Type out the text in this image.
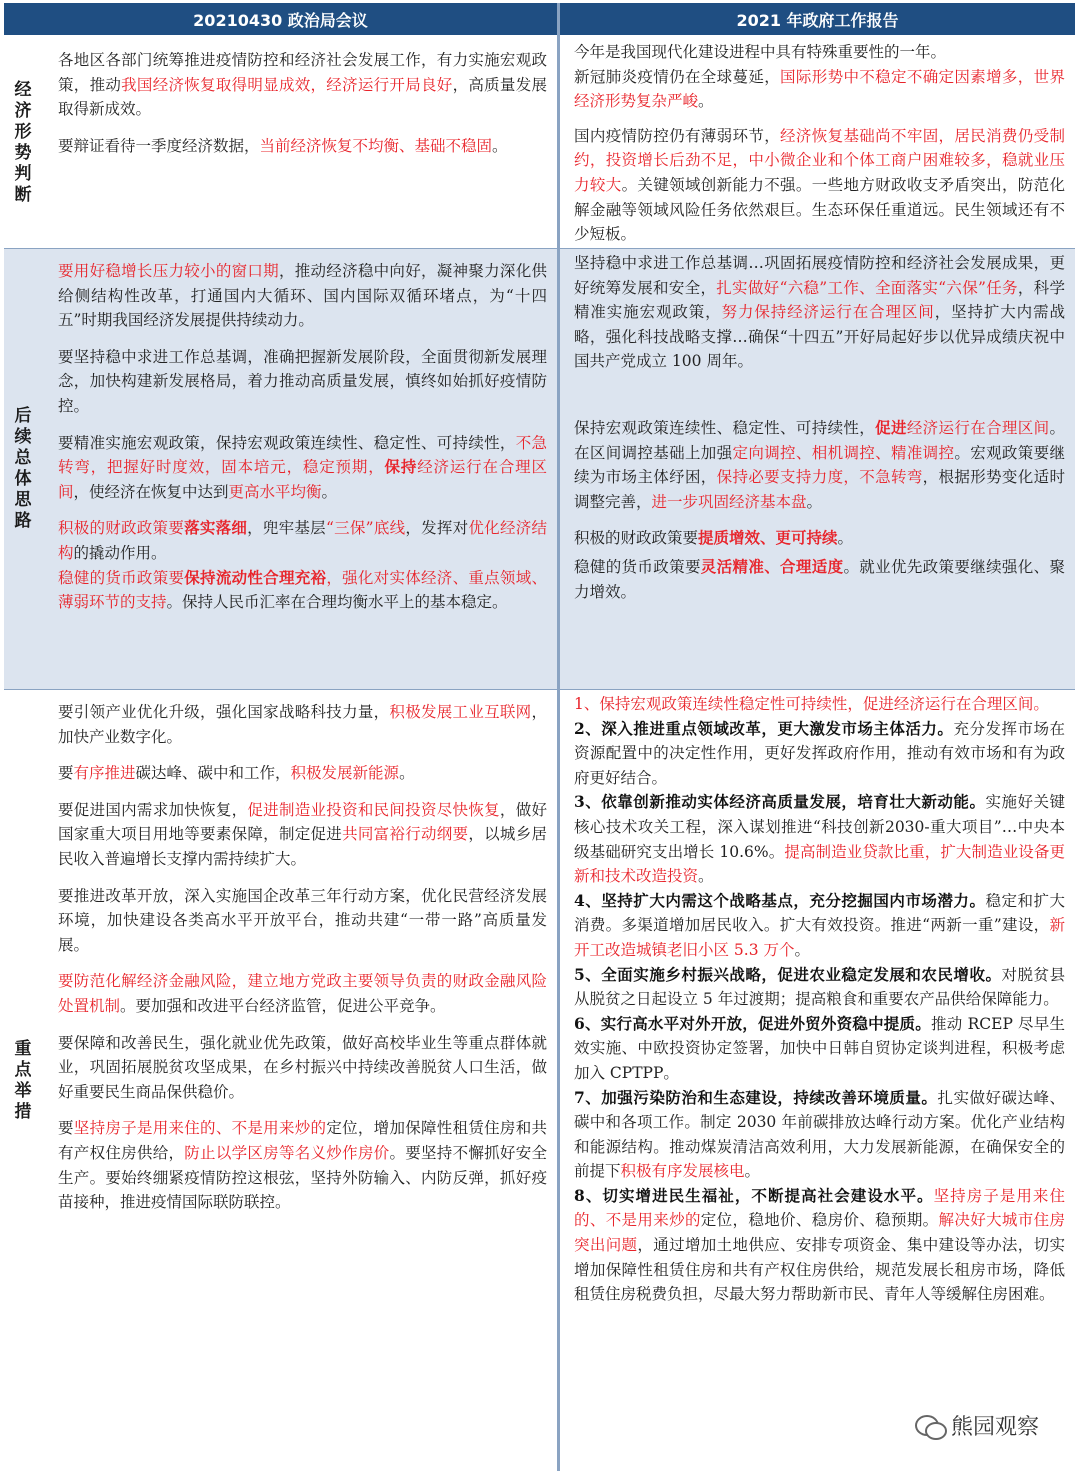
20210430 政治局会议	2021 年政府工作报告
经济形势判断

各地区各部门统筹推进疫情防控和经济社会发展工作，有力实施宏观政策，推动我国经济恢复取得明显成效，经济运行开局良好，高质量发展取得新成效。

要辩证看待一季度经济数据，当前经济恢复不均衡、基础不稳固。

今年是我国现代化建设进程中具有特殊重要性的一年。

新冠肺炎疫情仍在全球蔓延，国际形势中不稳定不确定因素增多，世界经济形势复杂严峻。

国内疫情防控仍有薄弱环节，经济恢复基础尚不牢固，居民消费仍受制约，投资增长后劲不足，中小微企业和个体工商户困难较多，稳就业压力较大。关键领域创新能力不强。一些地方财政收支矛盾突出，防范化解金融等领域风险任务依然艰巨。生态环保任重道远。民生领域还有不少短板。

后续总体思路

要用好稳增长压力较小的窗口期，推动经济稳中向好，凝神聚力深化供给侧结构性改革，打通国内大循环、国内国际双循环堵点，为“十四五”时期我国经济发展提供持续动力。

要坚持稳中求进工作总基调，准确把握新发展阶段，全面贯彻新发展理念，加快构建新发展格局，着力推动高质量发展，慎终如始抓好疫情防控。

要精准实施宏观政策，保持宏观政策连续性、稳定性、可持续性，不急转弯，把握好时度效，固本培元，稳定预期，保持经济运行在合理区间，使经济在恢复中达到更高水平均衡。

积极的财政政策要落实落细，兜牢基层“三保”底线，发挥对优化经济结构的撬动作用。
稳健的货币政策要保持流动性合理充裕，强化对实体经济、重点领域、薄弱环节的支持。保持人民币汇率在合理均衡水平上的基本稳定。

坚持稳中求进工作总基调…巩固拓展疫情防控和经济社会发展成果，更好统筹发展和安全，扎实做好“六稳”工作、全面落实“六保”任务，科学精准实施宏观政策，努力保持经济运行在合理区间，坚持扩大内需战略，强化科技战略支撑…确保“十四五”开好局起好步以优异成绩庆祝中国共产党成立 100 周年。

保持宏观政策连续性、稳定性、可持续性，促进经济运行在合理区间。在区间调控基础上加强定向调控、相机调控、精准调控。宏观政策要继续为市场主体纾困，保持必要支持力度，不急转弯，根据形势变化适时调整完善，进一步巩固经济基本盘。

积极的财政政策要提质增效、更可持续。

稳健的货币政策要灵活精准、合理适度。就业优先政策要继续强化、聚力增效。

重点举措

要引领产业优化升级，强化国家战略科技力量，积极发展工业互联网，加快产业数字化。

要有序推进碳达峰、碳中和工作，积极发展新能源。

要促进国内需求加快恢复，促进制造业投资和民间投资尽快恢复，做好国家重大项目用地等要素保障，制定促进共同富裕行动纲要，以城乡居民收入普遍增长支撑内需持续扩大。

要推进改革开放，深入实施国企改革三年行动方案，优化民营经济发展环境，加快建设各类高水平开放平台，推动共建“一带一路”高质量发展。

要防范化解经济金融风险，建立地方党政主要领导负责的财政金融风险处置机制。要加强和改进平台经济监管，促进公平竞争。

要保障和改善民生，强化就业优先政策，做好高校毕业生等重点群体就业，巩固拓展脱贫攻坚成果，在乡村振兴中持续改善脱贫人口生活，做好重要民生商品保供稳价。

要坚持房子是用来住的、不是用来炒的定位，增加保障性租赁住房和共有产权住房供给，防止以学区房等名义炒作房价。要坚持不懈抓好安全生产。要始终绷紧疫情防控这根弦，坚持外防输入、内防反弹，抓好疫苗接种，推进疫情国际联防联控。

1、保持宏观政策连续性稳定性可持续性，促进经济运行在合理区间。

2、深入推进重点领域改革，更大激发市场主体活力。充分发挥市场在资源配置中的决定性作用，更好发挥政府作用，推动有效市场和有为政府更好结合。

3、依靠创新推动实体经济高质量发展，培育壮大新动能。实施好关键核心技术攻关工程，深入谋划推进“科技创新2030-重大项目”…中央本级基础研究支出增长 10.6%。提高制造业贷款比重，扩大制造业设备更新和技术改造投资。

4、坚持扩大内需这个战略基点，充分挖掘国内市场潜力。稳定和扩大消费。多渠道增加居民收入。扩大有效投资。推进“两新一重”建设，新开工改造城镇老旧小区 5.3 万个。

5、全面实施乡村振兴战略，促进农业稳定发展和农民增收。对脱贫县从脱贫之日起设立 5 年过渡期；提高粮食和重要农产品供给保障能力。

6、实行高水平对外开放，促进外贸外资稳中提质。推动 RCEP 尽早生效实施、中欧投资协定签署，加快中日韩自贸协定谈判进程，积极考虑加入 CPTPP。

7、加强污染防治和生态建设，持续改善环境质量。扎实做好碳达峰、碳中和各项工作。制定 2030 年前碳排放达峰行动方案。优化产业结构和能源结构。推动煤炭清洁高效利用，大力发展新能源，在确保安全的前提下积极有序发展核电。

8、切实增进民生福祉，不断提高社会建设水平。坚持房子是用来住的、不是用来炒的定位，稳地价、稳房价、稳预期。解决好大城市住房突出问题，通过增加土地供应、安排专项资金、集中建设等办法，切实增加保障性租赁住房和共有产权住房供给，规范发展长租房市场，降低租赁住房税费负担，尽最大努力帮助新市民、青年人等缓解住房困难。

熊园观察
